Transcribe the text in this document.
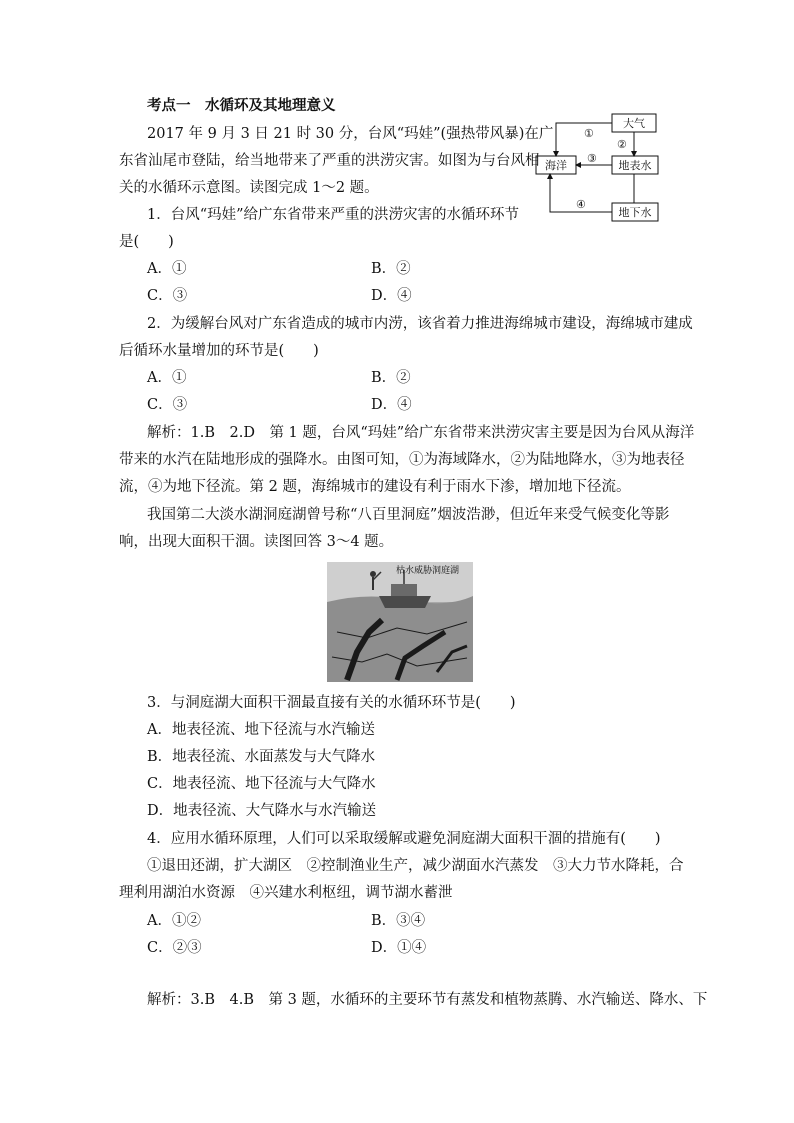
考点一　水循环及其地理意义
2017 年 9 月 3 日 21 时 30 分，台风“玛娃”(强热带风暴)在广
东省汕尾市登陆，给当地带来了严重的洪涝灾害。如图为与台风相
关的水循环示意图。读图完成 1～2 题。
大气
海洋	地表水
地下水
①
②
③
④
1．台风“玛娃”给广东省带来严重的洪涝灾害的水循环环节
是(　　)
A．①	B．②
C．③	D．④
2．为缓解台风对广东省造成的城市内涝，该省着力推进海绵城市建设，海绵城市建成
后循环水量增加的环节是(　　)
A．①	B．②
C．③	D．④
解析：1.B　2.D　第 1 题，台风“玛娃”给广东省带来洪涝灾害主要是因为台风从海洋
带来的水汽在陆地形成的强降水。由图可知，①为海域降水，②为陆地降水，③为地表径
流，④为地下径流。第 2 题，海绵城市的建设有利于雨水下渗，增加地下径流。
我国第二大淡水湖洞庭湖曾号称“八百里洞庭”烟波浩渺，但近年来受气候变化等影
响，出现大面积干涸。读图回答 3～4 题。
枯水威胁洞庭湖
3．与洞庭湖大面积干涸最直接有关的水循环环节是(　　)
A．地表径流、地下径流与水汽输送
B．地表径流、水面蒸发与大气降水
C．地表径流、地下径流与大气降水
D．地表径流、大气降水与水汽输送
4．应用水循环原理，人们可以采取缓解或避免洞庭湖大面积干涸的措施有(　　)
①退田还湖，扩大湖区　②控制渔业生产，减少湖面水汽蒸发　③大力节水降耗，合
理利用湖泊水资源　④兴建水利枢纽，调节湖水蓄泄
A．①②	B．③④
C．②③	D．①④
解析：3.B　4.B　第 3 题，水循环的主要环节有蒸发和植物蒸腾、水汽输送、降水、下
